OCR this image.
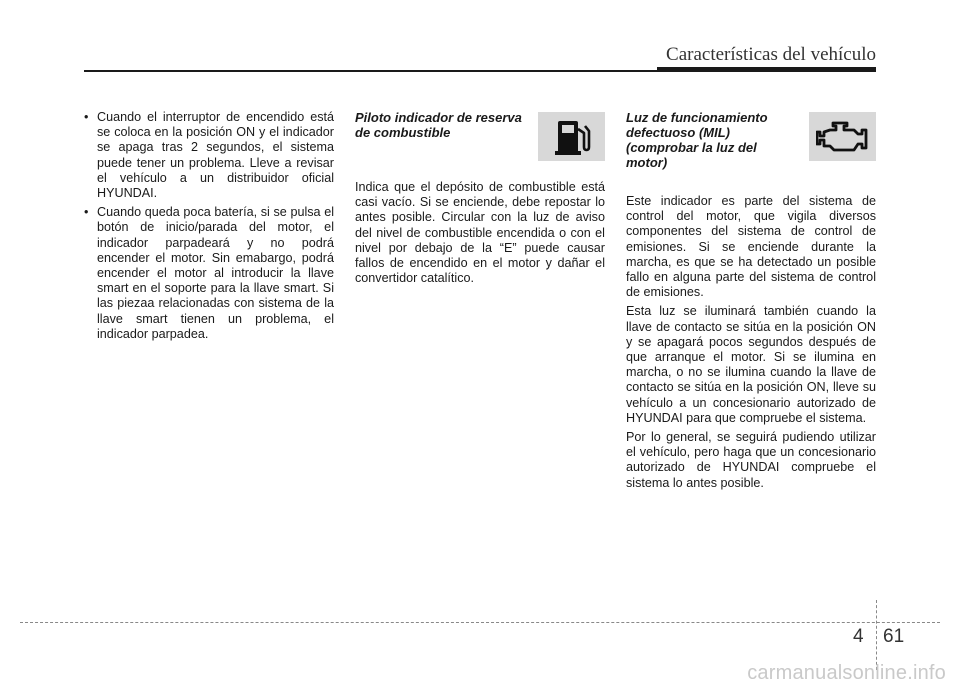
Características del vehículo
• Cuando el interruptor de encendido está se coloca en la posición ON y el indicador se apaga tras 2 segundos, el sistema puede tener un problema. Lleve a revisar el vehículo a un distribuidor oficial HYUNDAI.
• Cuando queda poca batería, si se pulsa el botón de inicio/parada del motor, el indicador parpadeará y no podrá encender el motor. Sin emabargo, podrá encender el motor al introducir la llave smart en el soporte para la llave smart. Si las piezaa relacionadas con sistema de la llave smart tienen un problema, el indicador parpadea.
Piloto indicador de reserva de combustible

Indica que el depósito de combustible está casi vacío. Si se enciende, debe repostar lo antes posible. Circular con la luz de aviso del nivel de combustible encendida o con el nivel por debajo de la “E” puede causar fallos de encendido en el motor y dañar el convertidor catalítico.

Luz de funcionamiento defectuoso (MIL) (comprobar la luz del motor)

Este indicador es parte del sistema de control del motor, que vigila diversos componentes del sistema de control de emisiones. Si se enciende durante la marcha, es que se ha detectado un posible fallo en alguna parte del sistema de control de emisiones.

Esta luz se iluminará también cuando la llave de contacto se sitúa en la posición ON y se apagará pocos segundos después de que arranque el motor. Si se ilumina en marcha, o no se ilumina cuando la llave de contacto se sitúa en la posición ON, lleve su vehículo a un concesionario autorizado de HYUNDAI para que compruebe el sistema.

Por lo general, se seguirá pudiendo utilizar el vehículo, pero haga que un concesionario autorizado de HYUNDAI compruebe el sistema lo antes posible.

4 61
carmanualsonline.info
